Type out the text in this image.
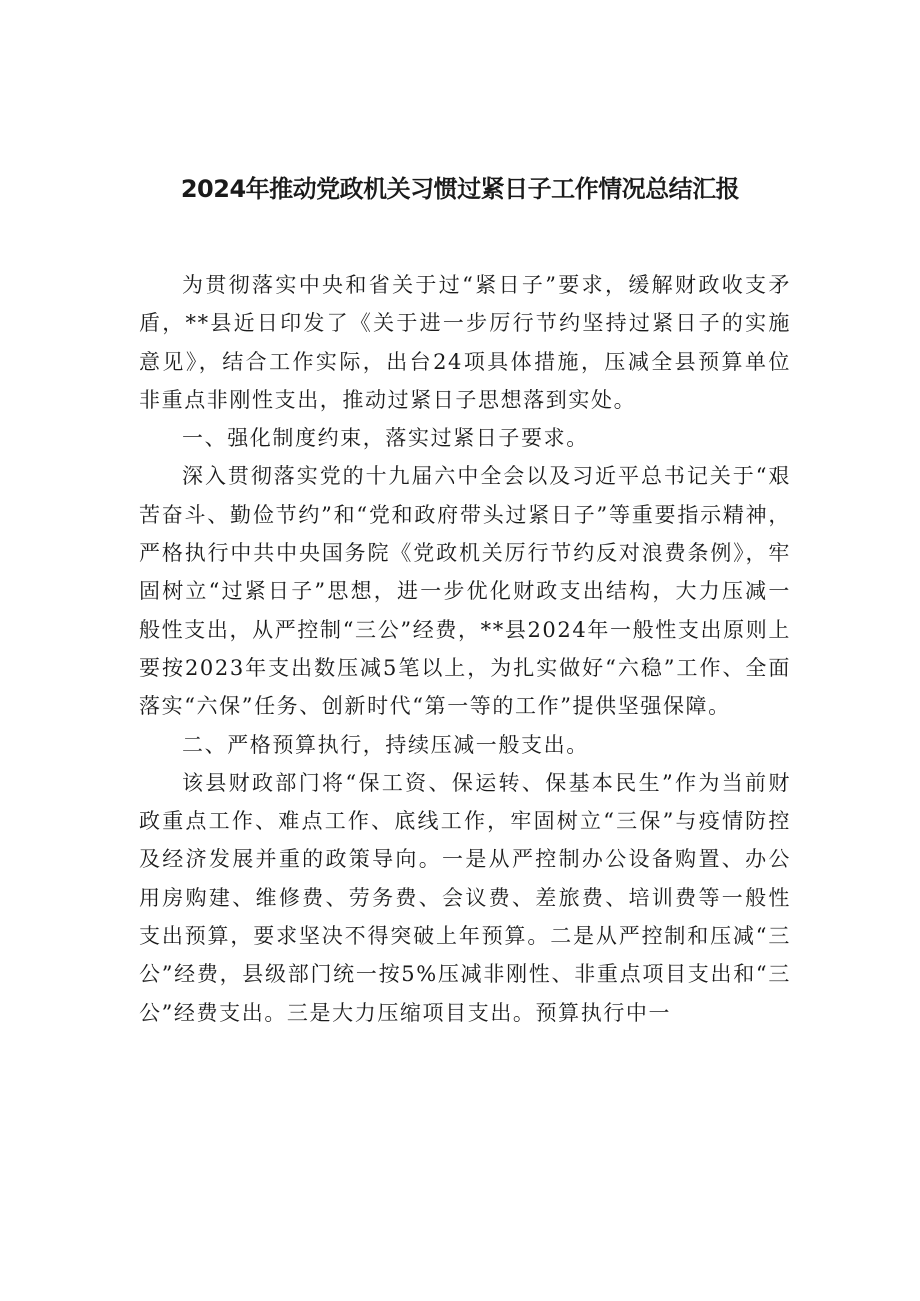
2024年推动党政机关习惯过紧日子工作情况总结汇报

为贯彻落实中央和省关于过“紧日子”要求，缓解财政收支矛盾，**县近日印发了《关于进一步厉行节约坚持过紧日子的实施意见》，结合工作实际，出台24项具体措施，压减全县预算单位非重点非刚性支出，推动过紧日子思想落到实处。

一、强化制度约束，落实过紧日子要求。

深入贯彻落实党的十九届六中全会以及习近平总书记关于“艰苦奋斗、勤俭节约”和“党和政府带头过紧日子”等重要指示精神，严格执行中共中央国务院《党政机关厉行节约反对浪费条例》，牢固树立“过紧日子”思想，进一步优化财政支出结构，大力压减一般性支出，从严控制“三公”经费，**县2024年一般性支出原则上要按2023年支出数压减5笔以上，为扎实做好“六稳”工作、全面落实“六保”任务、创新时代“第一等的工作”提供坚强保障。

二、严格预算执行，持续压减一般支出。

该县财政部门将“保工资、保运转、保基本民生”作为当前财政重点工作、难点工作、底线工作，牢固树立“三保”与疫情防控及经济发展并重的政策导向。一是从严控制办公设备购置、办公用房购建、维修费、劳务费、会议费、差旅费、培训费等一般性支出预算，要求坚决不得突破上年预算。二是从严控制和压减“三公”经费，县级部门统一按5%压减非刚性、非重点项目支出和“三公”经费支出。三是大力压缩项目支出。预算执行中一
